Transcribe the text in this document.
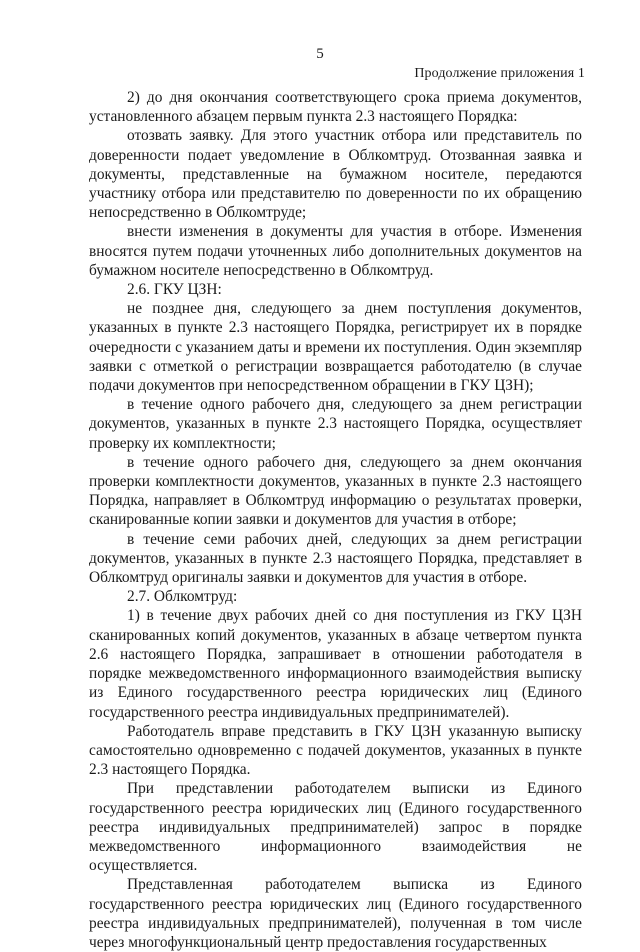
5
Продолжение приложения 1

2) до дня окончания соответствующего срока приема документов, установленного абзацем первым пункта 2.3 настоящего Порядка:

отозвать заявку. Для этого участник отбора или представитель по доверенности подает уведомление в Облкомтруд. Отозванная заявка и документы, представленные на бумажном носителе, передаются участнику отбора или представителю по доверенности по их обращению непосредственно в Облкомтруде;

внести изменения в документы для участия в отборе. Изменения вносятся путем подачи уточненных либо дополнительных документов на бумажном носителе непосредственно в Облкомтруд.

2.6. ГКУ ЦЗН:

не позднее дня, следующего за днем поступления документов, указанных в пункте 2.3 настоящего Порядка, регистрирует их в порядке очередности с указанием даты и времени их поступления. Один экземпляр заявки с отметкой о регистрации возвращается работодателю (в случае подачи документов при непосредственном обращении в ГКУ ЦЗН);

в течение одного рабочего дня, следующего за днем регистрации документов, указанных в пункте 2.3 настоящего Порядка, осуществляет проверку их комплектности;

в течение одного рабочего дня, следующего за днем окончания проверки комплектности документов, указанных в пункте 2.3 настоящего Порядка, направляет в Облкомтруд информацию о результатах проверки, сканированные копии заявки и документов для участия в отборе;

в течение семи рабочих дней, следующих за днем регистрации документов, указанных в пункте 2.3 настоящего Порядка, представляет в Облкомтруд оригиналы заявки и документов для участия в отборе.

2.7. Облкомтруд:

1) в течение двух рабочих дней со дня поступления из ГКУ ЦЗН сканированных копий документов, указанных в абзаце четвертом пункта 2.6 настоящего Порядка, запрашивает в отношении работодателя в порядке межведомственного информационного взаимодействия выписку из Единого государственного реестра юридических лиц (Единого государственного реестра индивидуальных предпринимателей).

Работодатель вправе представить в ГКУ ЦЗН указанную выписку самостоятельно одновременно с подачей документов, указанных в пункте 2.3 настоящего Порядка.

При представлении работодателем выписки из Единого государственного реестра юридических лиц (Единого государственного реестра индивидуальных предпринимателей) запрос в порядке межведомственного информационного взаимодействия не осуществляется.

Представленная работодателем выписка из Единого государственного реестра юридических лиц (Единого государственного реестра индивидуальных предпринимателей), полученная в том числе через многофункциональный центр предоставления государственных
